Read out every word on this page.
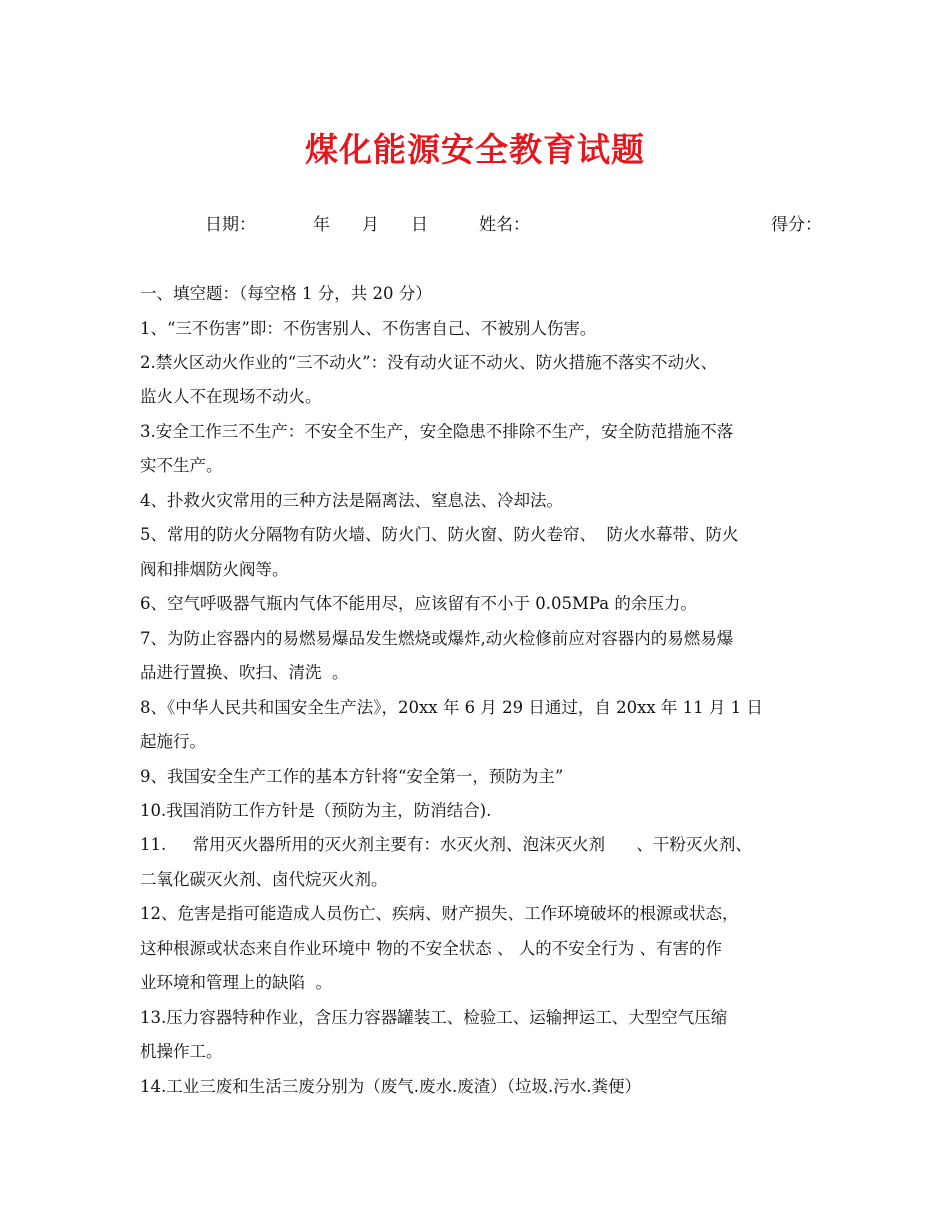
煤化能源安全教育试题
日期：	年 月 日	姓名：	得分：
一、填空题：（每空格 1 分，共 20 分）
1、“三不伤害”即：不伤害别人、不伤害自己、不被别人伤害。
2.禁火区动火作业的“三不动火”：没有动火证不动火、防火措施不落实不动火、
监火人不在现场不动火。
3.安全工作三不生产：不安全不生产，安全隐患不排除不生产，安全防范措施不落
实不生产。
4、扑救火灾常用的三种方法是隔离法、窒息法、冷却法。
5、常用的防火分隔物有防火墙、防火门、防火窗、防火卷帘、  防火水幕带、防火
阀和排烟防火阀等。
6、空气呼吸器气瓶内气体不能用尽，应该留有不小于 0.05MPa 的余压力。
7、为防止容器内的易燃易爆品发生燃烧或爆炸,动火检修前应对容器内的易燃易爆
品进行置换、吹扫、清洗  。
8、《中华人民共和国安全生产法》，20xx 年 6 月 29 日通过，自 20xx 年 11 月 1 日
起施行。
9、我国安全生产工作的基本方针将“安全第一，预防为主”
10.我国消防工作方针是（预防为主，防消结合).
11.     常用灭火器所用的灭火剂主要有：水灭火剂、泡沫灭火剂      、干粉灭火剂、
二氧化碳灭火剂、卤代烷灭火剂。
12、危害是指可能造成人员伤亡、疾病、财产损失、工作环境破坏的根源或状态，
这种根源或状态来自作业环境中 物的不安全状态 、 人的不安全行为 、有害的作
业环境和管理上的缺陷  。
13.压力容器特种作业，含压力容器罐装工、检验工、运输押运工、大型空气压缩
机操作工。
14.工业三废和生活三废分别为（废气.废水.废渣）（垃圾.污水.粪便）
